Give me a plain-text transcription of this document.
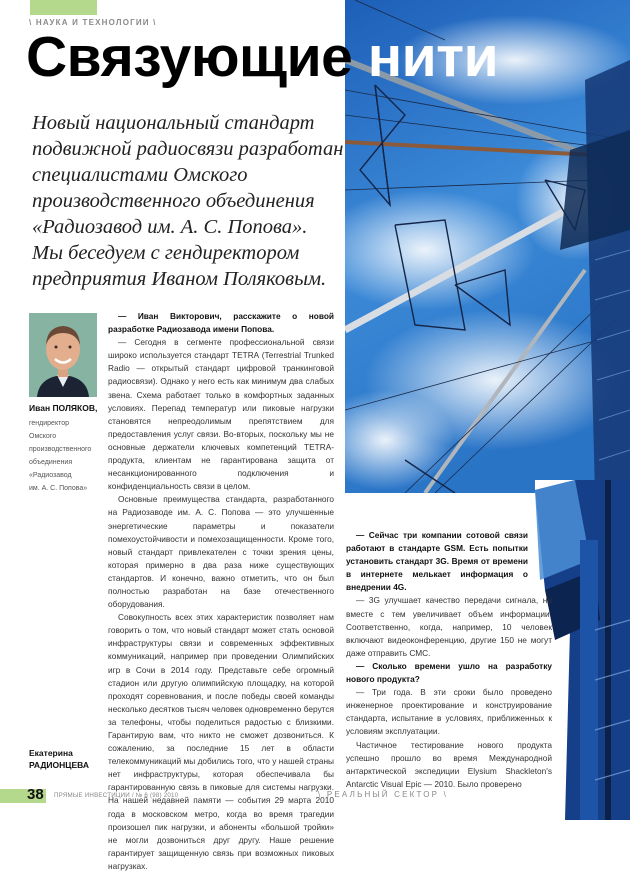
\ НАУКА И ТЕХНОЛОГИИ \
Связующие нити

Новый национальный стандарт
подвижной радиосвязи разработан
специалистами Омского
производственного объединения
«Радиозавод им. А. С. Попова».
Мы беседуем с гендиректором
предприятия Иваном Поляковым.

Иван ПОЛЯКОВ,
гендиректор
Омского
производственного
объединения
«Радиозавод
им. А. С. Попова»

— Иван Викторович, расскажите о новой разработке Радиозавода имени Попова.

— Сегодня в сегменте профессиональной связи широко используется стандарт TETRA (Terrestrial Trunked Radio — открытый стандарт цифровой транкинговой радиосвязи). Однако у него есть как минимум два слабых звена. Схема работает только в комфортных заданных условиях. Перепад температур или пиковые нагрузки становятся непреодолимым препятствием для предоставления услуг связи. Во-вторых, поскольку мы не основные держатели ключевых компетенций TETRA-продукта, клиентам не гарантирована защита от несанкционированного подключения и конфиденциальность связи в целом.

Основные преимущества стандарта, разработанного на Радиозаводе им. А. С. Попова — это улучшенные энергетические параметры и показатели помехоустойчивости и помехозащищенности. Кроме того, новый стандарт привлекателен с точки зрения цены, которая примерно в два раза ниже существующих стандартов. И конечно, важно отметить, что он был полностью разработан на базе отечественного оборудования.

Совокупность всех этих характеристик позволяет нам говорить о том, что новый стандарт может стать основой инфраструктуры связи и современных эффективных коммуникаций, например при проведении Олимпийских игр в Сочи в 2014 году. Представьте себе огромный стадион или другую олимпийскую площадку, на которой проходят соревнования, и после победы своей команды несколько десятков тысяч человек одновременно берутся за телефоны, чтобы поделиться радостью с близкими. Гарантирую вам, что никто не сможет дозвониться. К сожалению, за последние 15 лет в области телекоммуникаций мы добились того, что у нашей страны нет инфраструктуры, которая обеспечивала бы гарантированную связь в пиковые для системы нагрузки. На нашей недавней памяти — события 29 марта 2010 года в московском метро, когда во время трагедии произошел пик нагрузки, и абоненты «большой тройки» не могли дозвониться друг другу. Наше решение гарантирует защищенную связь при возможных пиковых нагрузках.

— Сейчас три компании сотовой связи работают в стандарте GSM. Есть попытки установить стандарт 3G. Время от времени в интернете мелькает информация о внедрении 4G.

— 3G улучшает качество передачи сигнала, но вместе с тем увеличивает объем информации. Соответственно, когда, например, 10 человек включают видеоконференцию, другие 150 не могут даже отправить СМС.

— Сколько времени ушло на разработку нового продукта?

— Три года. В эти сроки было проведено инженерное проектирование и конструирование стандарта, испытание в условиях, приближенных к условиям эксплуатации.

Частичное тестирование нового продукта успешно прошло во время Международной антарктической экспедиции Elysium Shackleton's Antarctic Visual Epic — 2010. Было проверено

Екатерина
РАДИОНЦЕВА
38 ПРЯМЫЕ ИНВЕСТИЦИИ / № 6 (98) 2010	\ РЕАЛЬНЫЙ СЕКТОР \
